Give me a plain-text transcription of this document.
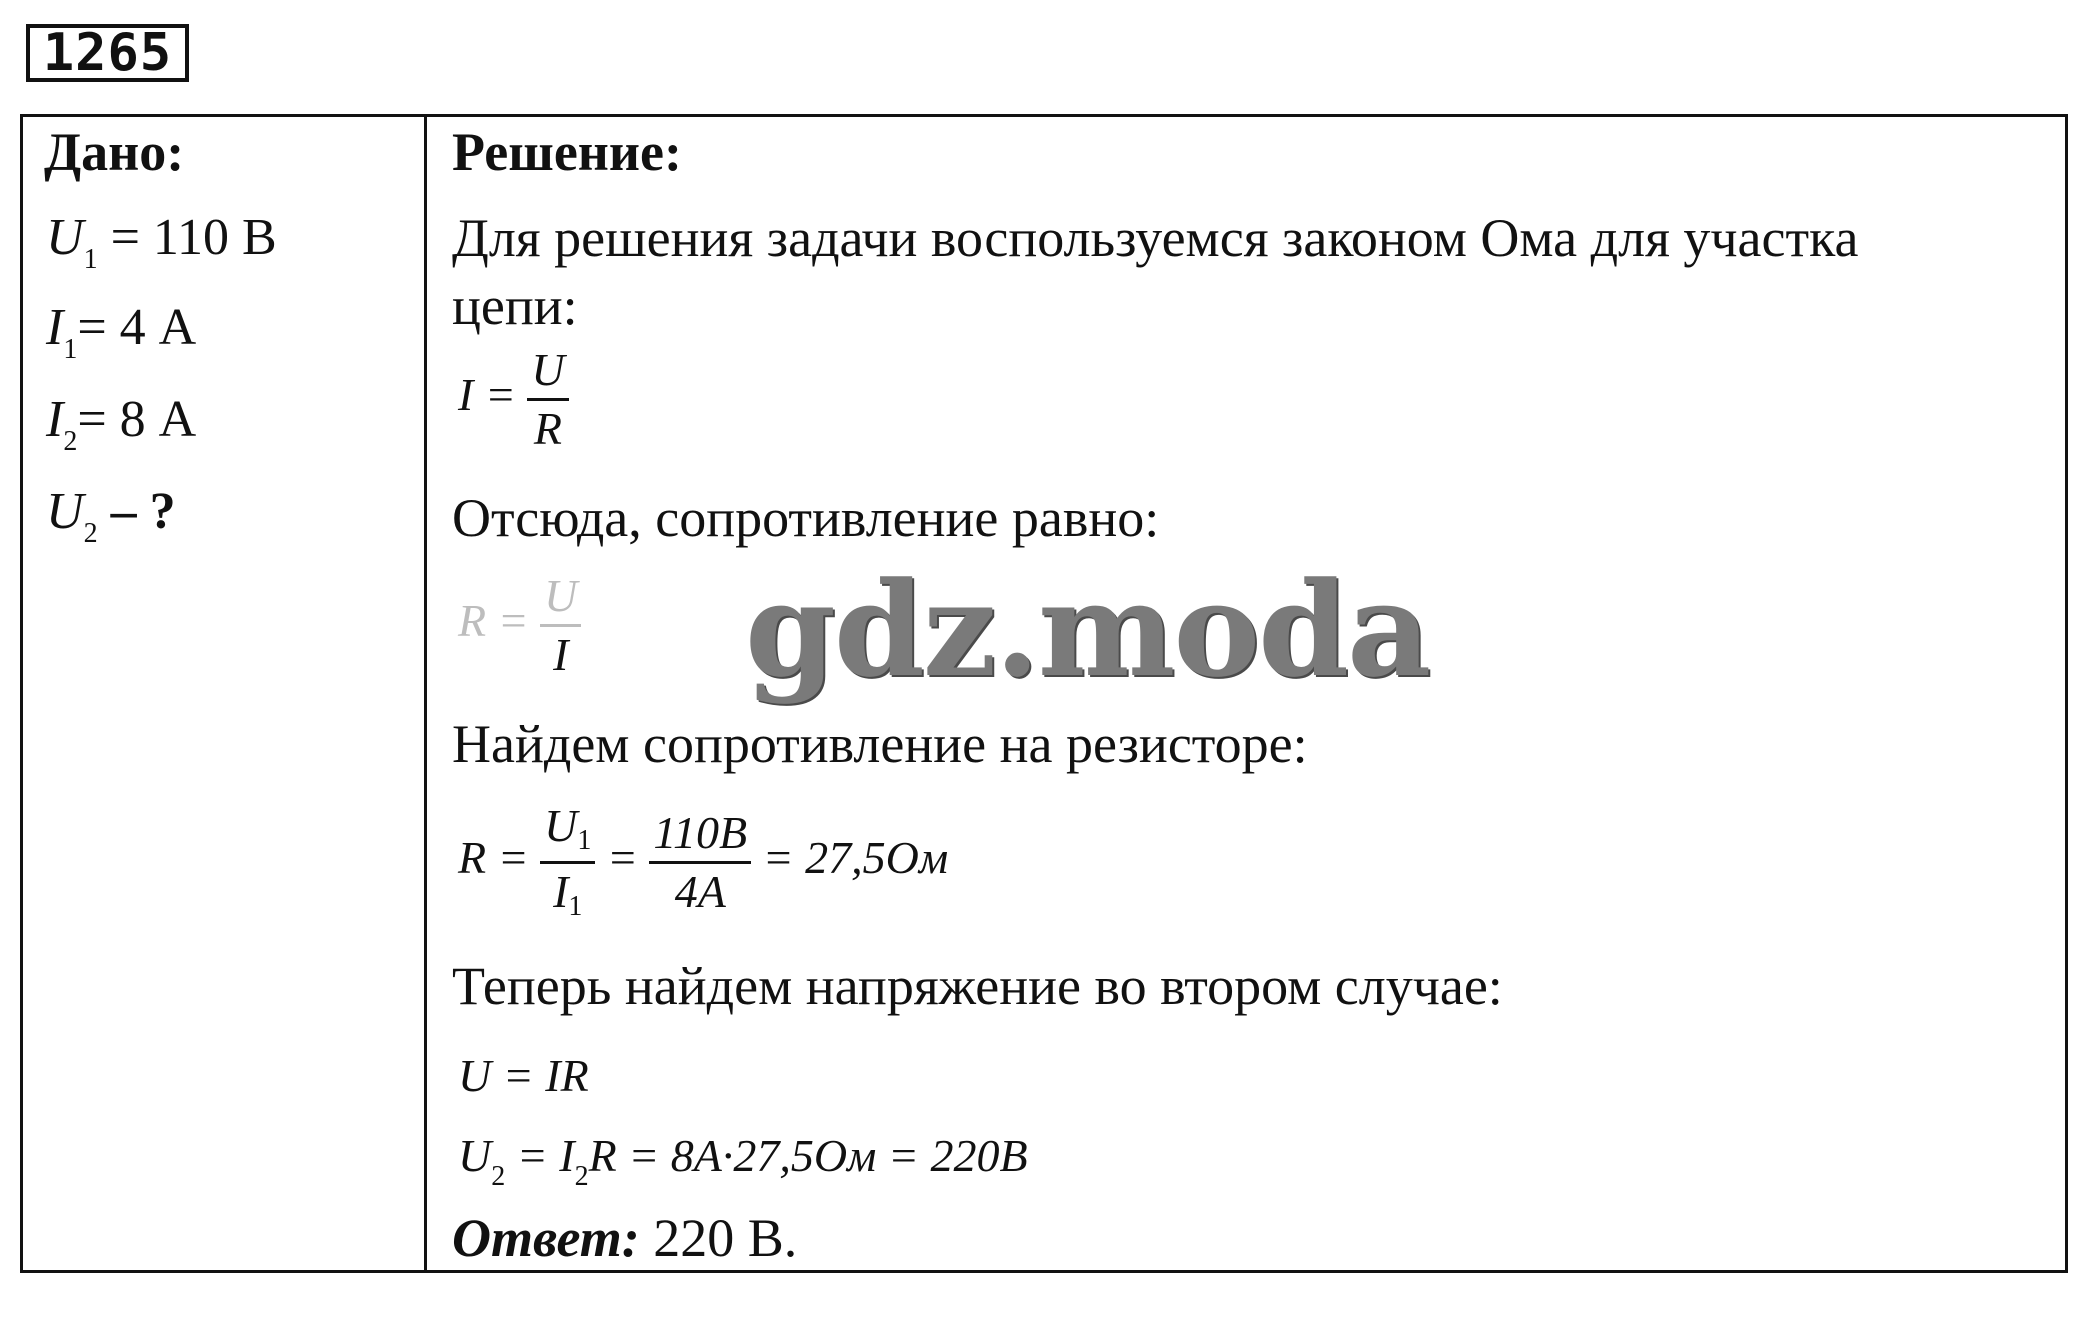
1265
Дано:
$U_1 = 110$ В
$I_1= 4$ А
$I_2= 8$ А
$U_2$ – ?
Решение:
Для решения задачи воспользуемся законом Ома для участка
цепи:
$I = \frac{U}{R}$
Отсюда, сопротивление равно:
$R = \frac{U}{I}$
Найдем сопротивление на резисторе:
$R = \frac{U1}{I1} = \frac{110B}{4A} = 27,5Ом$
Теперь найдем напряжение во втором случае:
U = IR
$U_2 = I_2R = 8A\cdot 27,5Ом = 220B$
Ответ: 220 В.
gdz.moda
